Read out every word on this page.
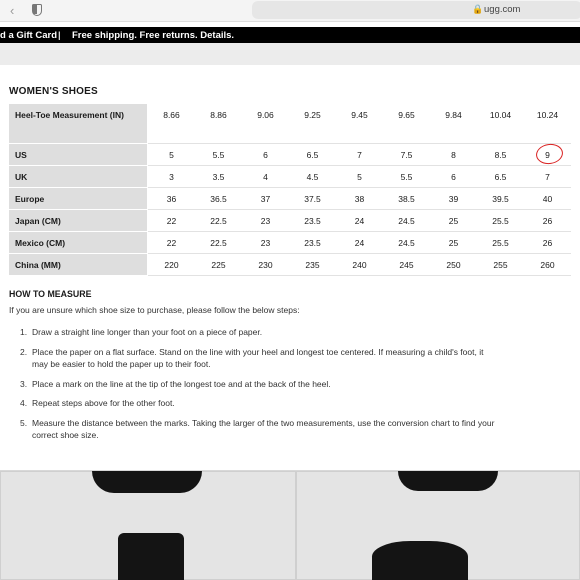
‹	🔒 ugg.com
d a Gift Card | Free shipping. Free returns. Details.
WOMEN'S SHOES
Heel-Toe Measurement (IN)	8.66	8.86	9.06	9.25	9.45	9.65	9.84	10.04	10.24
US	5	5.5	6	6.5	7	7.5	8	8.5	9
UK	3	3.5	4	4.5	5	5.5	6	6.5	7
Europe	36	36.5	37	37.5	38	38.5	39	39.5	40
Japan (CM)	22	22.5	23	23.5	24	24.5	25	25.5	26
Mexico (CM)	22	22.5	23	23.5	24	24.5	25	25.5	26
China (MM)	220	225	230	235	240	245	250	255	260
HOW TO MEASURE
If you are unsure which shoe size to purchase, please follow the below steps:
1. Draw a straight line longer than your foot on a piece of paper.
2. Place the paper on a flat surface. Stand on the line with your heel and longest toe centered. If measuring a child's foot, it may be easier to hold the paper up to their foot.
3. Place a mark on the line at the tip of the longest toe and at the back of the heel.
4. Repeat steps above for the other foot.
5. Measure the distance between the marks. Taking the larger of the two measurements, use the conversion chart to find your correct shoe size.
